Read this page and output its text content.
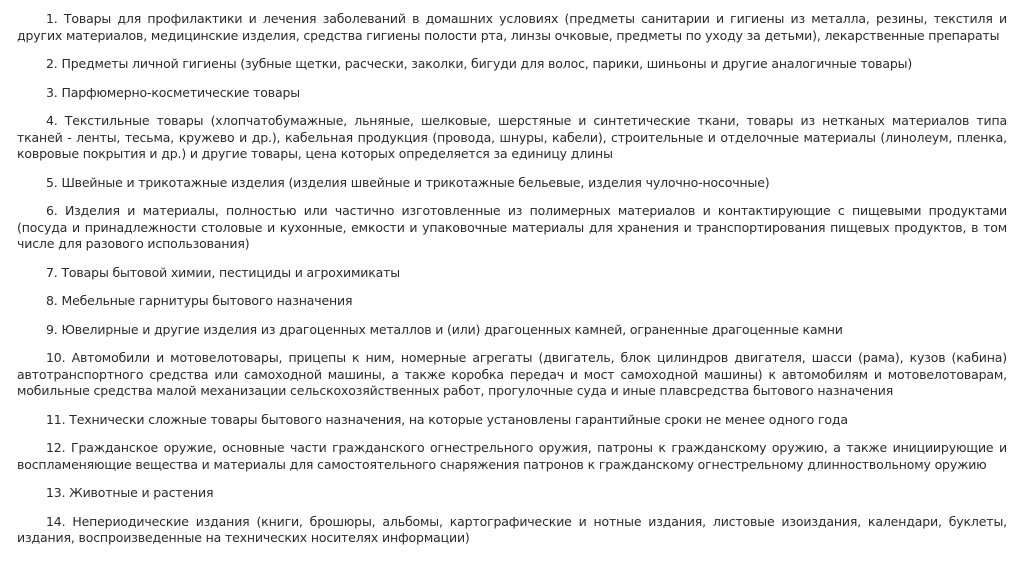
1. Товары для профилактики и лечения заболеваний в домашних условиях (предметы санитарии и гигиены из металла, резины, текстиля и других материалов, медицинские изделия, средства гигиены полости рта, линзы очковые, предметы по уходу за детьми), лекарственные препараты

2. Предметы личной гигиены (зубные щетки, расчески, заколки, бигуди для волос, парики, шиньоны и другие аналогичные товары)

3. Парфюмерно-косметические товары

4. Текстильные товары (хлопчатобумажные, льняные, шелковые, шерстяные и синтетические ткани, товары из нетканых материалов типа тканей - ленты, тесьма, кружево и др.), кабельная продукция (провода, шнуры, кабели), строительные и отделочные материалы (линолеум, пленка, ковровые покрытия и др.) и другие товары, цена которых определяется за единицу длины

5. Швейные и трикотажные изделия (изделия швейные и трикотажные бельевые, изделия чулочно-носочные)

6. Изделия и материалы, полностью или частично изготовленные из полимерных материалов и контактирующие с пищевыми продуктами (посуда и принадлежности столовые и кухонные, емкости и упаковочные материалы для хранения и транспортирования пищевых продуктов, в том числе для разового использования)

7. Товары бытовой химии, пестициды и агрохимикаты

8. Мебельные гарнитуры бытового назначения

9. Ювелирные и другие изделия из драгоценных металлов и (или) драгоценных камней, ограненные драгоценные камни

10. Автомобили и мотовелотовары, прицепы к ним, номерные агрегаты (двигатель, блок цилиндров двигателя, шасси (рама), кузов (кабина) автотранспортного средства или самоходной машины, а также коробка передач и мост самоходной машины) к автомобилям и мотовелотоварам, мобильные средства малой механизации сельскохозяйственных работ, прогулочные суда и иные плавсредства бытового назначения

11. Технически сложные товары бытового назначения, на которые установлены гарантийные сроки не менее одного года

12. Гражданское оружие, основные части гражданского огнестрельного оружия, патроны к гражданскому оружию, а также инициирующие и воспламеняющие вещества и материалы для самостоятельного снаряжения патронов к гражданскому огнестрельному длинноствольному оружию

13. Животные и растения

14. Непериодические издания (книги, брошюры, альбомы, картографические и нотные издания, листовые изоиздания, календари, буклеты, издания, воспроизведенные на технических носителях информации)
